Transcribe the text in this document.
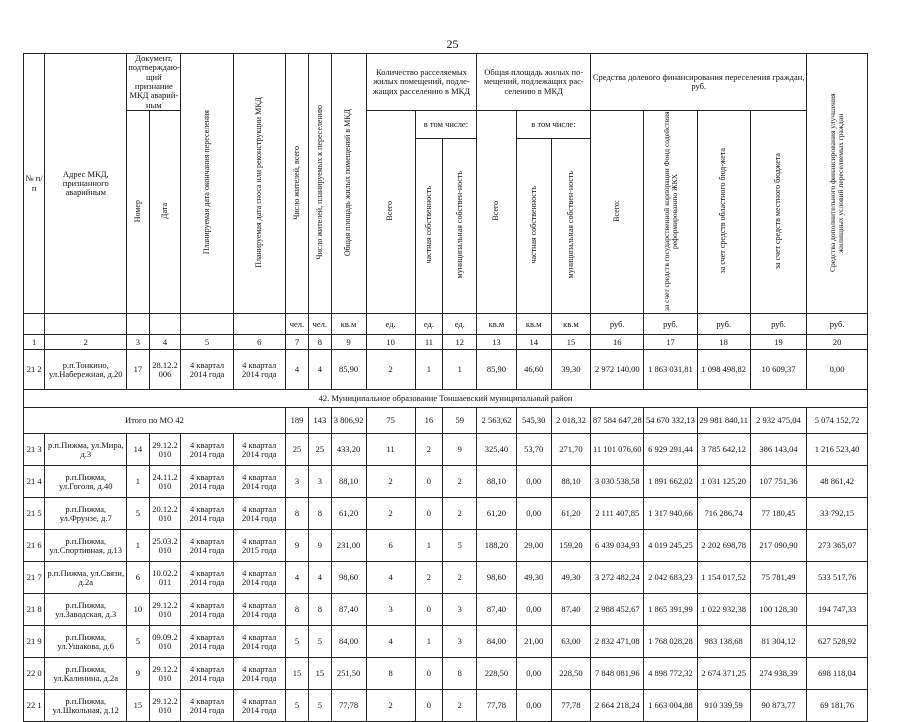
25
№ п/ п	Адрес МКД, признанного аварийным	Документ, подтверждаю-щий признание МКД аварий-ным		Планируемая дата окончания переселения	Планируемая дата сноса или реконструкции МКД	Число жителей, всего	Число жителей, планируемых к переселению	Общая площадь жилых помещений в МКД	Количество расселяемых жилых помещений, подле-жащих расселению в МКД			Общая площадь жилых по-мещений, подлежащих рас-селению в МКД			Средства долевого финансирования переселения граждан, руб.				Средства дополнительного финансирования улучшения жилищных условий переселяемых граждан
		Номер	Дата						Всего	в том числе:		Всего	в том числе:		Всего:	за счет средств государственной корпорации Фонд содействия реформированию ЖКХ	за счет средств областного бюд-жета	за счет средств местного бюджета	
										частная собственность	муниципальная собствен-ность		частная собственность	муниципальная собствен-ность					
						чел.	чел.	кв.м	ед.	ед.	ед.	кв.м	кв.м	кв.м	руб.	руб.	руб.	руб.	руб.
1	2	3	4	5	6	7	8	9	10	11	12	13	14	15	16	17	18	19	20
21 2	р.п.Тонкино, ул.Набережная, д.20	17	28.12.2 006	4 квартал 2014 года	4 квартал 2014 года	4	4	85,90	2	1	1	85,90	46,60	39,30	2 972 140,00	1 863 031,81	1 098 498,82	10 609,37	0,00
42. Муниципальное образование Тоншаевский муниципальный район																			
Итого по МО 42						189	143	3 806,92	75	16	59	2 563,62	545,30	2 018,32	87 584 647,28	54 670 332,13	29 981 840,11	2 932 475,04	5 074 152,72
21 3	р.п.Пижма, ул.Мира, д.3	14	29.12.2 010	4 квартал 2014 года	4 квартал 2014 года	25	25	433,20	11	2	9	325,40	53,70	271,70	11 101 076,60	6 929 291,44	3 785 642,12	386 143,04	1 216 523,40
21 4	р.п.Пижма, ул.Гоголя, д.40	1	24.11.2 010	4 квартал 2014 года	4 квартал 2014 года	3	3	88,10	2	0	2	88,10	0,00	88,10	3 030 538,58	1 891 662,02	1 031 125,20	107 751,36	48 861,42
21 5	р.п.Пижма, ул.Фрунзе, д.7	5	20.12.2 010	4 квартал 2014 года	4 квартал 2014 года	8	8	61,20	2	0	2	61,20	0,00	61,20	2 111 407,85	1 317 940,66	716 286,74	77 180,45	33 792,15
21 6	р.п.Пижма, ул.Спортивная, д.13	1	25.03.2 010	4 квартал 2014 года	4 квартал 2015 года	9	9	231,00	6	1	5	188,20	29,00	159,20	6 439 034,93	4 019 245,25	2 202 698,78	217 090,90	273 365,07
21 7	р.п.Пижма, ул.Связи, д.2а	6	10.02.2 011	4 квартал 2014 года	4 квартал 2014 года	4	4	98,60	4	2	2	98,60	49,30	49,30	3 272 482,24	2 042 683,23	1 154 017,52	75 781,49	533 517,76
21 8	р.п.Пижма, ул.Заводская, д.3	10	29.12.2 010	4 квартал 2014 года	4 квартал 2014 года	8	8	87,40	3	0	3	87,40	0,00	87,40	2 988 452,67	1 865 391,99	1 022 932,38	100 128,30	194 747,33
21 9	р.п.Пижма, ул.Ушакова, д.6	5	09.09.2 010	4 квартал 2014 года	4 квартал 2014 года	5	5	84,00	4	1	3	84,00	21,00	63,00	2 832 471,08	1 768 028,28	983 138,68	81 304,12	627 528,92
22 0	р.п.Пижма, ул.Калинина, д.2а	9	29.12.2 010	4 квартал 2014 года	4 квартал 2014 года	15	15	251,50	8	0	8	228,50	0,00	228,50	7 848 081,96	4 898 772,32	2 674 371,25	274 938,39	698 118,04
22 1	р.п.Пижма, ул.Школьная, д.12	15	29.12.2 010	4 квартал 2014 года	4 квартал 2014 года	5	5	77,78	2	0	2	77,78	0,00	77,78	2 664 218,24	1 663 004,88	910 339,59	90 873,77	69 181,76
